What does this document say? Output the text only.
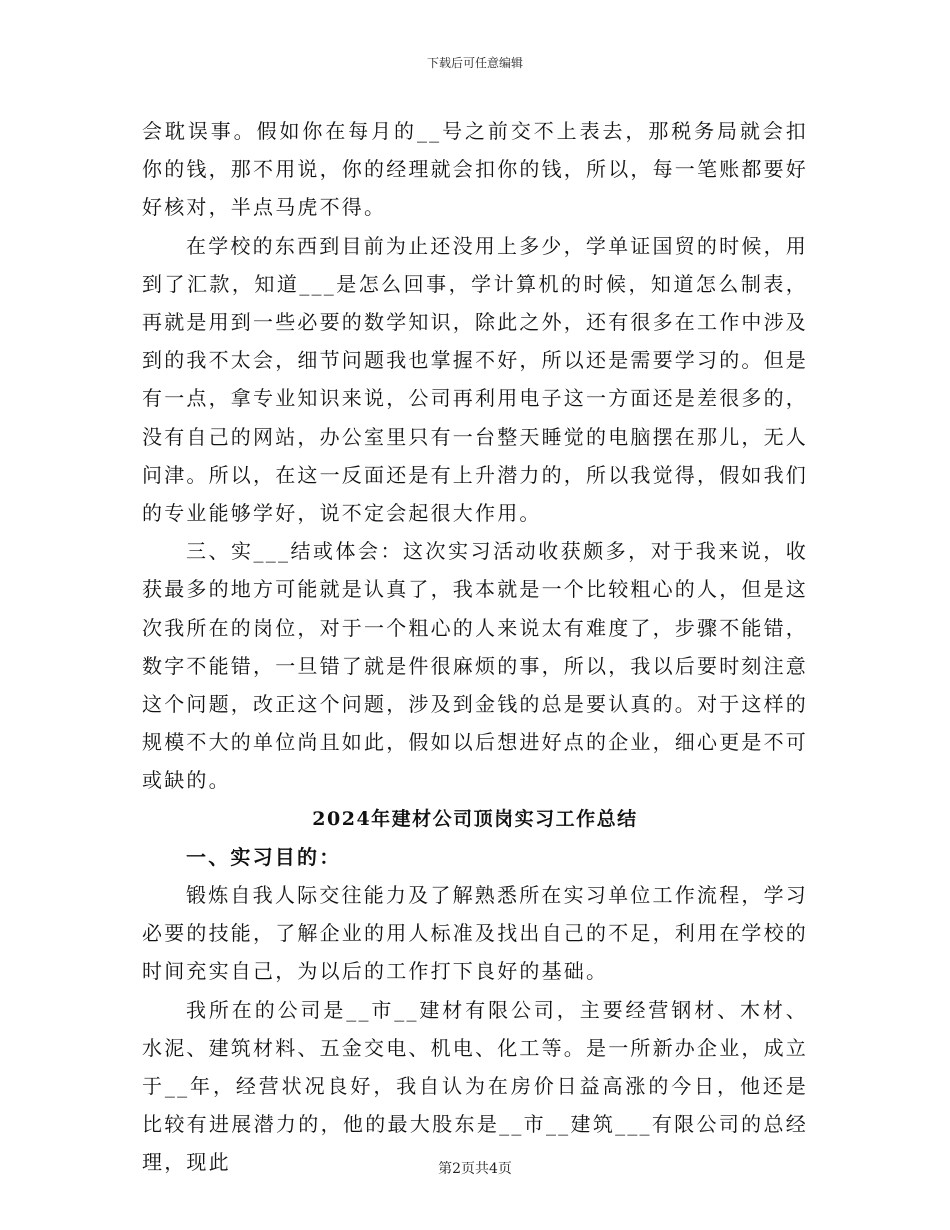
下载后可任意编辑

会耽误事。假如你在每月的__号之前交不上表去，那税务局就会扣你的钱，那不用说，你的经理就会扣你的钱，所以，每一笔账都要好好核对，半点马虎不得。

在学校的东西到目前为止还没用上多少，学单证国贸的时候，用到了汇款，知道___是怎么回事，学计算机的时候，知道怎么制表，再就是用到一些必要的数学知识，除此之外，还有很多在工作中涉及到的我不太会，细节问题我也掌握不好，所以还是需要学习的。但是有一点，拿专业知识来说，公司再利用电子这一方面还是差很多的，没有自己的网站，办公室里只有一台整天睡觉的电脑摆在那儿，无人问津。所以，在这一反面还是有上升潜力的，所以我觉得，假如我们的专业能够学好，说不定会起很大作用。

三、实___结或体会：这次实习活动收获颇多，对于我来说，收获最多的地方可能就是认真了，我本就是一个比较粗心的人，但是这次我所在的岗位，对于一个粗心的人来说太有难度了，步骤不能错，数字不能错，一旦错了就是件很麻烦的事，所以，我以后要时刻注意这个问题，改正这个问题，涉及到金钱的总是要认真的。对于这样的规模不大的单位尚且如此，假如以后想进好点的企业，细心更是不可或缺的。

2024年建材公司顶岗实习工作总结

一、实习目的：

锻炼自我人际交往能力及了解熟悉所在实习单位工作流程，学习必要的技能，了解企业的用人标准及找出自己的不足，利用在学校的时间充实自己，为以后的工作打下良好的基础。

我所在的公司是__市__建材有限公司，主要经营钢材、木材、水泥、建筑材料、五金交电、机电、化工等。是一所新办企业，成立于__年，经营状况良好，我自认为在房价日益高涨的今日，他还是比较有进展潜力的，他的最大股东是__市__建筑___有限公司的总经理，现此	第2页共4页
